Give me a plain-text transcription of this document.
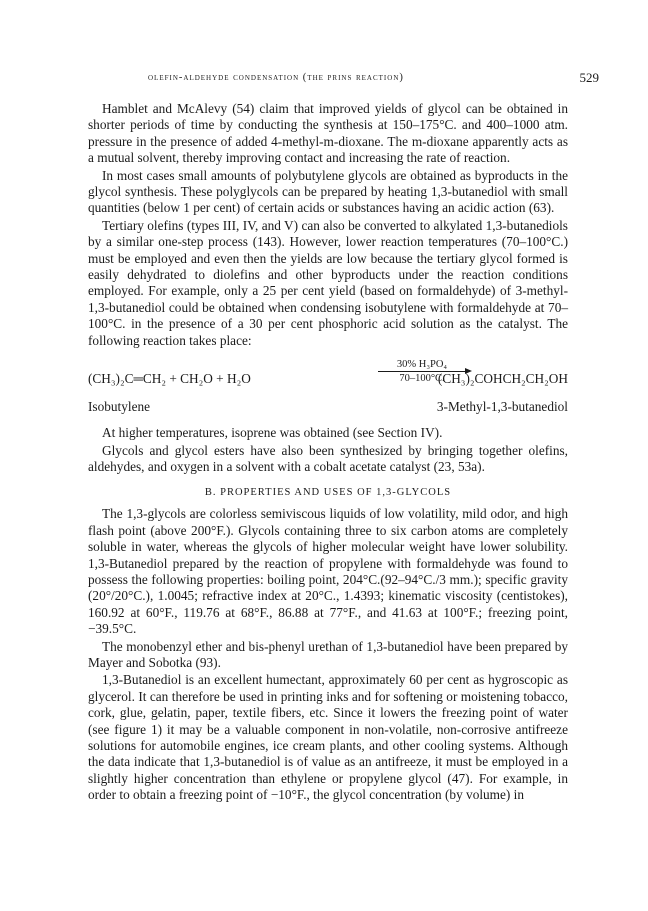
olefin-aldehyde condensation (the prins reaction)	529

Hamblet and McAlevy (54) claim that improved yields of glycol can be obtained in shorter periods of time by conducting the synthesis at 150–175°C. and 400–1000 atm. pressure in the presence of added 4-methyl-m-dioxane. The m-dioxane apparently acts as a mutual solvent, thereby improving contact and increasing the rate of reaction.

In most cases small amounts of polybutylene glycols are obtained as byproducts in the glycol synthesis. These polyglycols can be prepared by heating 1,3-butanediol with small quantities (below 1 per cent) of certain acids or substances having an acidic action (63).

Tertiary olefins (types III, IV, and V) can also be converted to alkylated 1,3-butanediols by a similar one-step process (143). However, lower reaction temperatures (70–100°C.) must be employed and even then the yields are low because the tertiary glycol formed is easily dehydrated to diolefins and other byproducts under the reaction conditions employed. For example, only a 25 per cent yield (based on formaldehyde) of 3-methyl-1,3-butanediol could be obtained when condensing isobutylene with formaldehyde at 70–100°C. in the presence of a 30 per cent phosphoric acid solution as the catalyst. The following reaction takes place:

(CH₃)₂C═CH₂ + CH₂O + H₂O
30% H₃PO₄
70–100°C.
(CH₃)₂COHCH₂CH₂OH
Isobutylene	3-Methyl-1,3-butanediol

At higher temperatures, isoprene was obtained (see Section IV).

Glycols and glycol esters have also been synthesized by bringing together olefins, aldehydes, and oxygen in a solvent with a cobalt acetate catalyst (23, 53a).

B. PROPERTIES AND USES OF 1,3-GLYCOLS

The 1,3-glycols are colorless semiviscous liquids of low volatility, mild odor, and high flash point (above 200°F.). Glycols containing three to six carbon atoms are completely soluble in water, whereas the glycols of higher molecular weight have lower solubility. 1,3-Butanediol prepared by the reaction of propylene with formaldehyde was found to possess the following properties: boiling point, 204°C.(92–94°C./3 mm.); specific gravity (20°/20°C.), 1.0045; refractive index at 20°C., 1.4393; kinematic viscosity (centistokes), 160.92 at 60°F., 119.76 at 68°F., 86.88 at 77°F., and 41.63 at 100°F.; freezing point, −39.5°C.

The monobenzyl ether and bis-phenyl urethan of 1,3-butanediol have been prepared by Mayer and Sobotka (93).

1,3-Butanediol is an excellent humectant, approximately 60 per cent as hygroscopic as glycerol. It can therefore be used in printing inks and for softening or moistening tobacco, cork, glue, gelatin, paper, textile fibers, etc. Since it lowers the freezing point of water (see figure 1) it may be a valuable component in non-volatile, non-corrosive antifreeze solutions for automobile engines, ice cream plants, and other cooling systems. Although the data indicate that 1,3-butanediol is of value as an antifreeze, it must be employed in a slightly higher concentration than ethylene or propylene glycol (47). For example, in order to obtain a freezing point of −10°F., the glycol concentration (by volume) in
